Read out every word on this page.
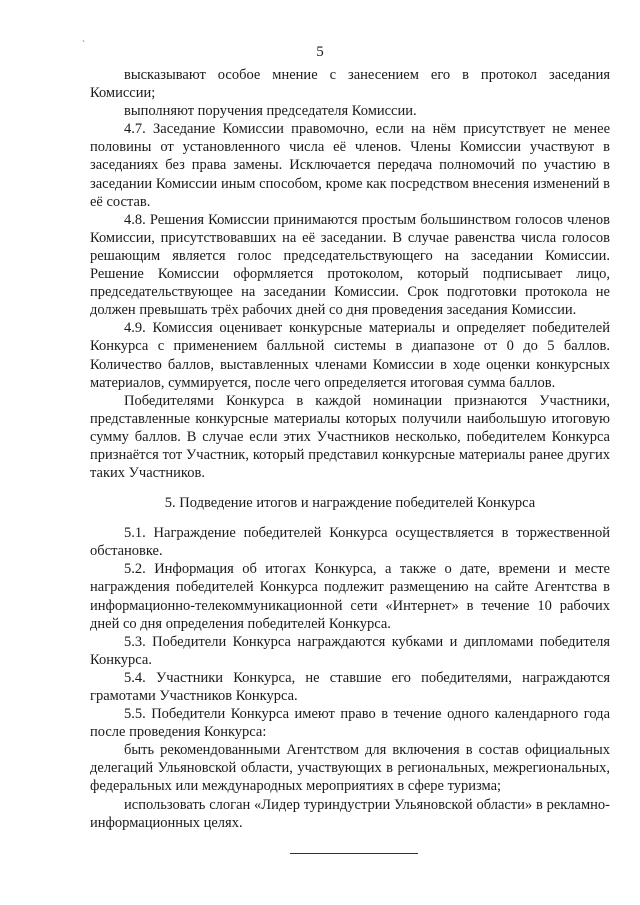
`	5

высказывают особое мнение с занесением его в протокол заседания Комиссии;

выполняют поручения председателя Комиссии.

4.7. Заседание Комиссии правомочно, если на нём присутствует не менее половины от установленного числа её членов. Члены Комиссии участвуют в заседаниях без права замены. Исключается передача полномочий по участию в заседании Комиссии иным способом, кроме как посредством внесения изменений в её состав.

4.8. Решения Комиссии принимаются простым большинством голосов членов Комиссии, присутствовавших на её заседании. В случае равенства числа голосов решающим является голос председательствующего на заседании Комиссии. Решение Комиссии оформляется протоколом, который подписывает лицо, председательствующее на заседании Комиссии. Срок подготовки протокола не должен превышать трёх рабочих дней со дня проведения заседания Комиссии.

4.9. Комиссия оценивает конкурсные материалы и определяет победителей Конкурса с применением балльной системы в диапазоне от 0 до 5 баллов. Количество баллов, выставленных членами Комиссии в ходе оценки конкурсных материалов, суммируется, после чего определяется итоговая сумма баллов.

Победителями Конкурса в каждой номинации признаются Участники, представленные конкурсные материалы которых получили наибольшую итоговую сумму баллов. В случае если этих Участников несколько, победителем Конкурса признаётся тот Участник, который представил конкурсные материалы ранее других таких Участников.

5. Подведение итогов и награждение победителей Конкурса

5.1. Награждение победителей Конкурса осуществляется в торжественной обстановке.

5.2. Информация об итогах Конкурса, а также о дате, времени и месте награждения победителей Конкурса подлежит размещению на сайте Агентства в информационно-телекоммуникационной сети «Интернет» в течение 10 рабочих дней со дня определения победителей Конкурса.

5.3. Победители Конкурса награждаются кубками и дипломами победителя Конкурса.

5.4. Участники Конкурса, не ставшие его победителями, награждаются грамотами Участников Конкурса.

5.5. Победители Конкурса имеют право в течение одного календарного года после проведения Конкурса:

быть рекомендованными Агентством для включения в состав официальных делегаций Ульяновской области, участвующих в региональных, межрегиональных, федеральных или международных мероприятиях в сфере туризма;

использовать слоган «Лидер туриндустрии Ульяновской области» в рекламно-информационных целях.
